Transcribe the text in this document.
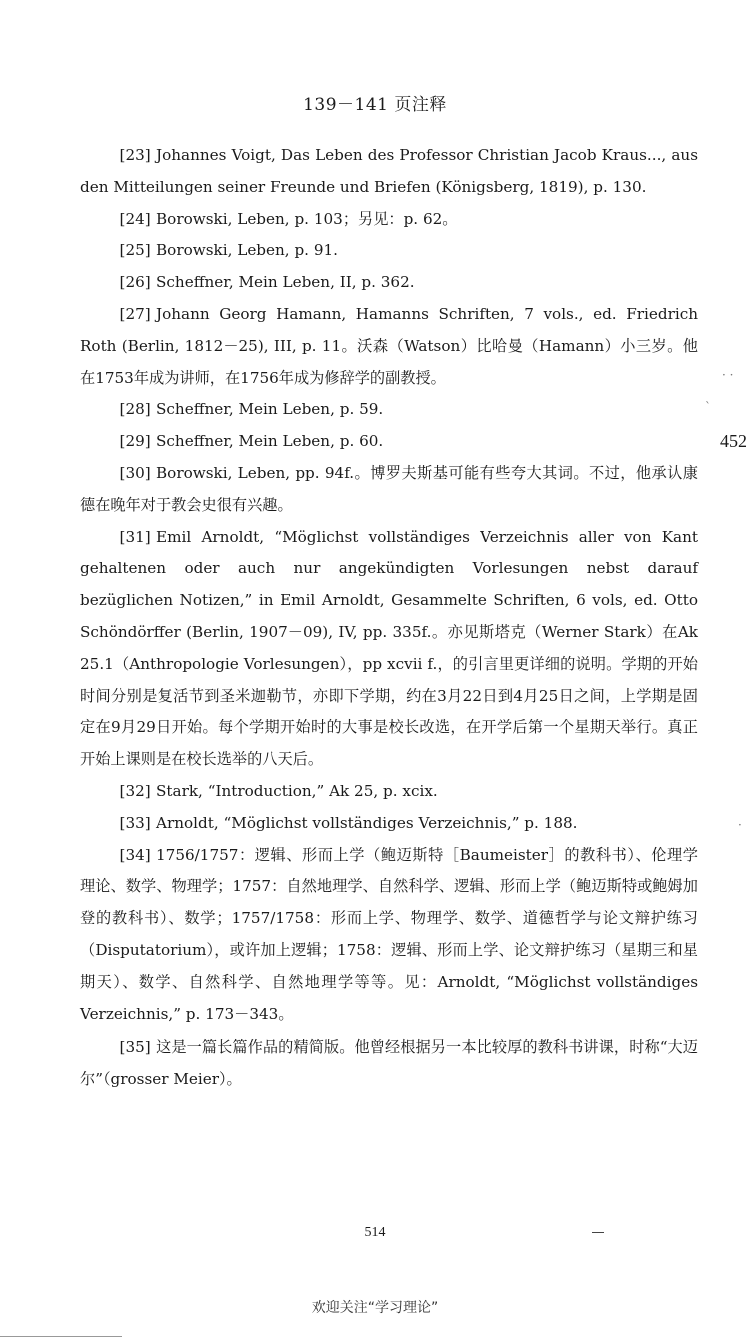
139－141 页注释

[23] Johannes Voigt, Das Leben des Professor Christian Jacob Kraus..., aus den Mitteilungen seiner Freunde und Briefen (Königsberg, 1819), p. 130.

[24] Borowski, Leben, p. 103；另见：p. 62。

[25] Borowski, Leben, p. 91.

[26] Scheffner, Mein Leben, II, p. 362.

[27] Johann Georg Hamann, Hamanns Schriften, 7 vols., ed. Friedrich Roth (Berlin, 1812－25), III, p. 11。沃森（Watson）比哈曼（Hamann）小三岁。他在1753年成为讲师，在1756年成为修辞学的副教授。

[28] Scheffner, Mein Leben, p. 59.

[29] Scheffner, Mein Leben, p. 60.

[30] Borowski, Leben, pp. 94f.。博罗夫斯基可能有些夸大其词。不过，他承认康德在晚年对于教会史很有兴趣。

[31] Emil Arnoldt, “Möglichst vollständiges Verzeichnis aller von Kant gehaltenen oder auch nur angekündigten Vorlesungen nebst darauf bezüglichen Notizen,” in Emil Arnoldt, Gesammelte Schriften, 6 vols, ed. Otto Schöndörffer (Berlin, 1907－09), IV, pp. 335f.。亦见斯塔克（Werner Stark）在Ak 25.1（Anthropologie Vorlesungen），pp xcvii f.，的引言里更详细的说明。学期的开始时间分别是复活节到圣米迦勒节，亦即下学期，约在3月22日到4月25日之间，上学期是固定在9月29日开始。每个学期开始时的大事是校长改选，在开学后第一个星期天举行。真正开始上课则是在校长选举的八天后。

[32] Stark, “Introduction,” Ak 25, p. xcix.

[33] Arnoldt, “Möglichst vollständiges Verzeichnis,” p. 188.

[34] 1756/1757：逻辑、形而上学（鲍迈斯特［Baumeister］的教科书）、伦理学理论、数学、物理学；1757：自然地理学、自然科学、逻辑、形而上学（鲍迈斯特或鲍姆加登的教科书）、数学；1757/1758：形而上学、物理学、数学、道德哲学与论文辩护练习（Disputatorium），或许加上逻辑；1758：逻辑、形而上学、论文辩护练习（星期三和星期天）、数学、自然科学、自然地理学等等。见：Arnoldt, “Möglichst vollständiges Verzeichnis,” p. 173－343。

[35] 这是一篇长篇作品的精简版。他曾经根据另一本比较厚的教科书讲课，时称“大迈尔”（grosser Meier）。

452
· ·
`
·
514
欢迎关注“学习理论”
